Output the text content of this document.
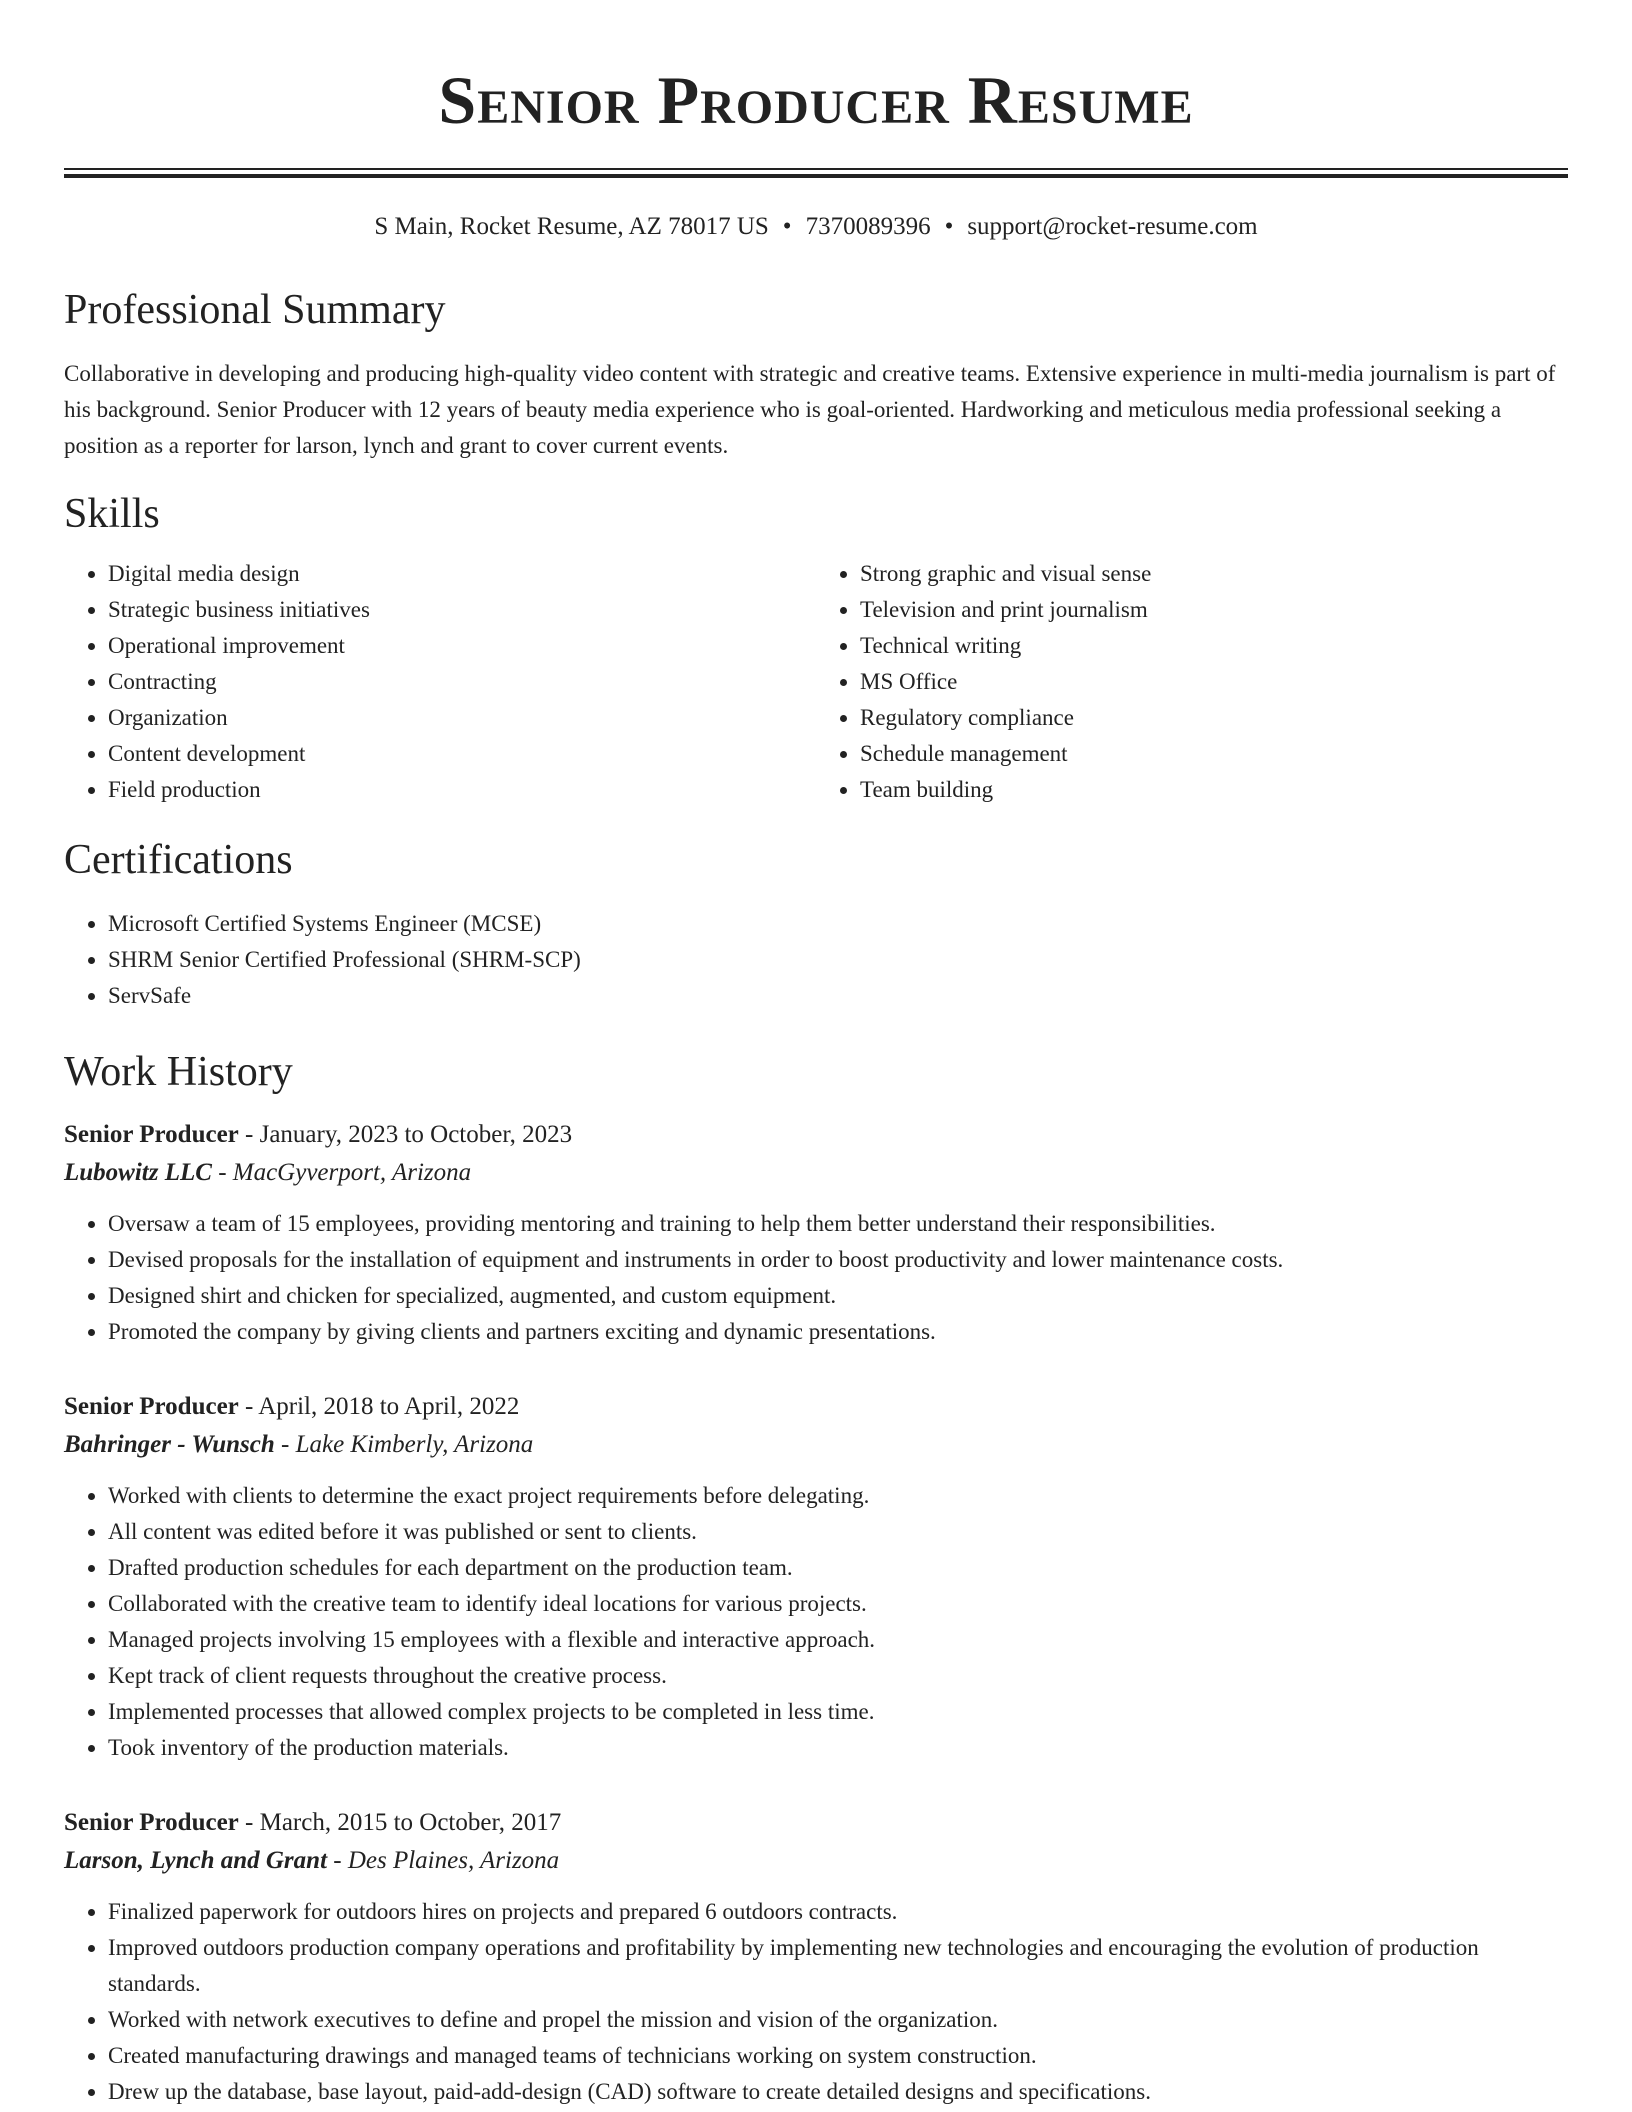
Senior Producer Resume
S Main, Rocket Resume, AZ 78017 US • 7370089396 • support@rocket-resume.com
Professional Summary
Collaborative in developing and producing high-quality video content with strategic and creative teams. Extensive experience in multi-media journalism is part of his background. Senior Producer with 12 years of beauty media experience who is goal-oriented. Hardworking and meticulous media professional seeking a position as a reporter for larson, lynch and grant to cover current events.
Skills
• Digital media design
• Strategic business initiatives
• Operational improvement
• Contracting
• Organization
• Content development
• Field production
• Strong graphic and visual sense
• Television and print journalism
• Technical writing
• MS Office
• Regulatory compliance
• Schedule management
• Team building
Certifications
• Microsoft Certified Systems Engineer (MCSE)
• SHRM Senior Certified Professional (SHRM-SCP)
• ServSafe
Work History
Senior Producer - January, 2023 to October, 2023
Lubowitz LLC - MacGyverport, Arizona
• Oversaw a team of 15 employees, providing mentoring and training to help them better understand their responsibilities.
• Devised proposals for the installation of equipment and instruments in order to boost productivity and lower maintenance costs.
• Designed shirt and chicken for specialized, augmented, and custom equipment.
• Promoted the company by giving clients and partners exciting and dynamic presentations.
Senior Producer - April, 2018 to April, 2022
Bahringer - Wunsch - Lake Kimberly, Arizona
• Worked with clients to determine the exact project requirements before delegating.
• All content was edited before it was published or sent to clients.
• Drafted production schedules for each department on the production team.
• Collaborated with the creative team to identify ideal locations for various projects.
• Managed projects involving 15 employees with a flexible and interactive approach.
• Kept track of client requests throughout the creative process.
• Implemented processes that allowed complex projects to be completed in less time.
• Took inventory of the production materials.
Senior Producer - March, 2015 to October, 2017
Larson, Lynch and Grant - Des Plaines, Arizona
• Finalized paperwork for outdoors hires on projects and prepared 6 outdoors contracts.
• Improved outdoors production company operations and profitability by implementing new technologies and encouraging the evolution of production standards.
• Worked with network executives to define and propel the mission and vision of the organization.
• Created manufacturing drawings and managed teams of technicians working on system construction.
• Drew up the database, base layout, paid-add-design (CAD) software to create detailed designs and specifications.
